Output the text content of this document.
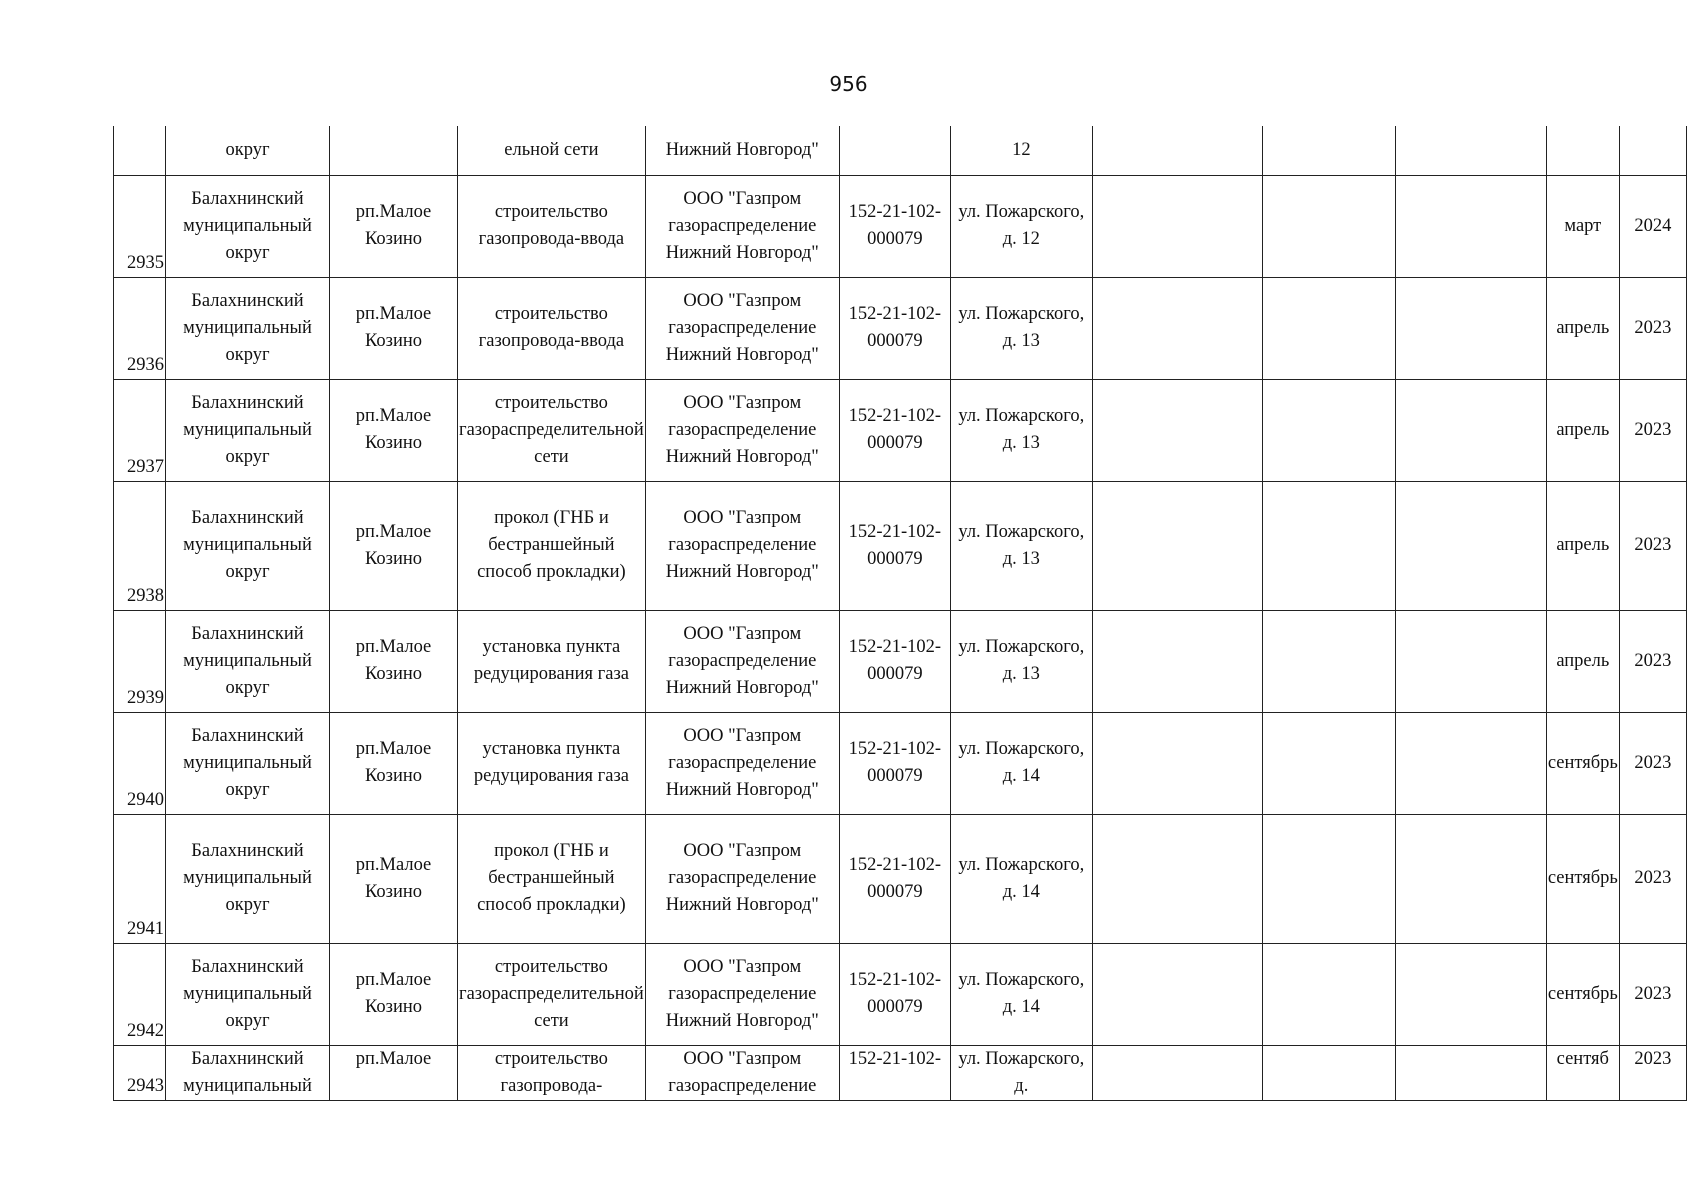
956
	округ		ельной сети	Нижний Новгород"		12					
2935	Балахнинский муниципальный округ	рп.Малое Козино	строительство газопровода-ввода	ООО "Газпром газораспределение Нижний Новгород"	152-21-102-000079	ул. Пожарского, д. 12				март	2024
2936	Балахнинский муниципальный округ	рп.Малое Козино	строительство газопровода-ввода	ООО "Газпром газораспределение Нижний Новгород"	152-21-102-000079	ул. Пожарского, д. 13				апрель	2023
2937	Балахнинский муниципальный округ	рп.Малое Козино	строительство газораспределительной сети	ООО "Газпром газораспределение Нижний Новгород"	152-21-102-000079	ул. Пожарского, д. 13				апрель	2023
2938	Балахнинский муниципальный округ	рп.Малое Козино	прокол (ГНБ и бестраншейный способ прокладки)	ООО "Газпром газораспределение Нижний Новгород"	152-21-102-000079	ул. Пожарского, д. 13				апрель	2023
2939	Балахнинский муниципальный округ	рп.Малое Козино	установка пункта редуцирования газа	ООО "Газпром газораспределение Нижний Новгород"	152-21-102-000079	ул. Пожарского, д. 13				апрель	2023
2940	Балахнинский муниципальный округ	рп.Малое Козино	установка пункта редуцирования газа	ООО "Газпром газораспределение Нижний Новгород"	152-21-102-000079	ул. Пожарского, д. 14				сентябрь	2023
2941	Балахнинский муниципальный округ	рп.Малое Козино	прокол (ГНБ и бестраншейный способ прокладки)	ООО "Газпром газораспределение Нижний Новгород"	152-21-102-000079	ул. Пожарского, д. 14				сентябрь	2023
2942	Балахнинский муниципальный округ	рп.Малое Козино	строительство газораспределительной сети	ООО "Газпром газораспределение Нижний Новгород"	152-21-102-000079	ул. Пожарского, д. 14				сентябрь	2023
2943	Балахнинский муниципальный	рп.Малое	строительство газопровода-	ООО "Газпром газораспределение	152-21-102-	ул. Пожарского, д.				сентяб	2023
